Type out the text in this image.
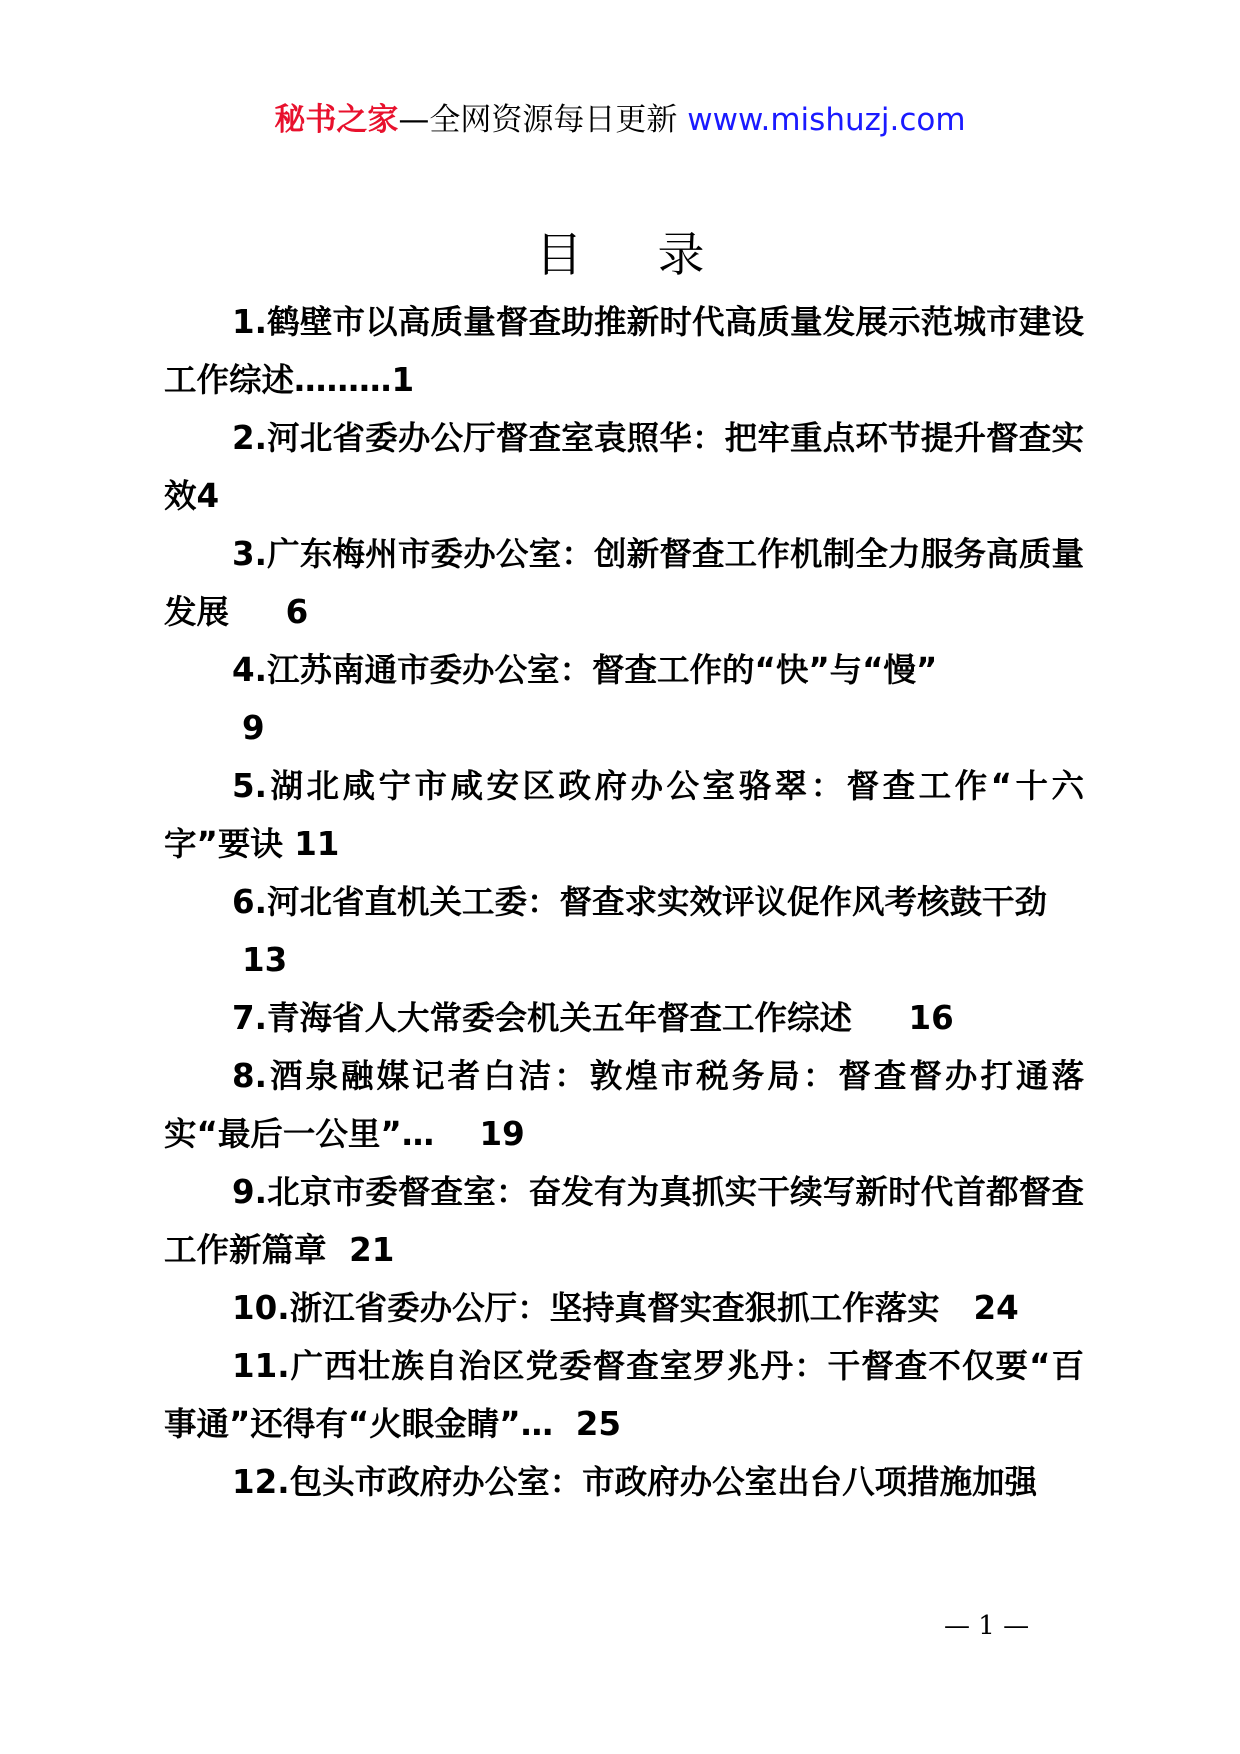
秘书之家—全网资源每日更新 www.mishuzj.com
目 录
1.鹤壁市以高质量督查助推新时代高质量发展示范城市建设工作综述………1
2.河北省委办公厅督查室袁照华：把牢重点环节提升督查实效4
3.广东梅州市委办公室：创新督查工作机制全力服务高质量发展     6
4.江苏南通市委办公室：督查工作的“快”与“慢”
9
5.湖北咸宁市咸安区政府办公室骆翠：督查工作“十六字”要诀 11
6.河北省直机关工委：督查求实效评议促作风考核鼓干劲
13
7.青海省人大常委会机关五年督查工作综述     16
8.酒泉融媒记者白洁：敦煌市税务局：督查督办打通落实“最后一公里”…    19
9.北京市委督查室：奋发有为真抓实干续写新时代首都督查工作新篇章  21
10.浙江省委办公厅：坚持真督实查狠抓工作落实   24
11.广西壮族自治区党委督查室罗兆丹：干督查不仅要“百事通”还得有“火眼金睛”…  25
12.包头市政府办公室：市政府办公室出台八项措施加强
— 1 —
